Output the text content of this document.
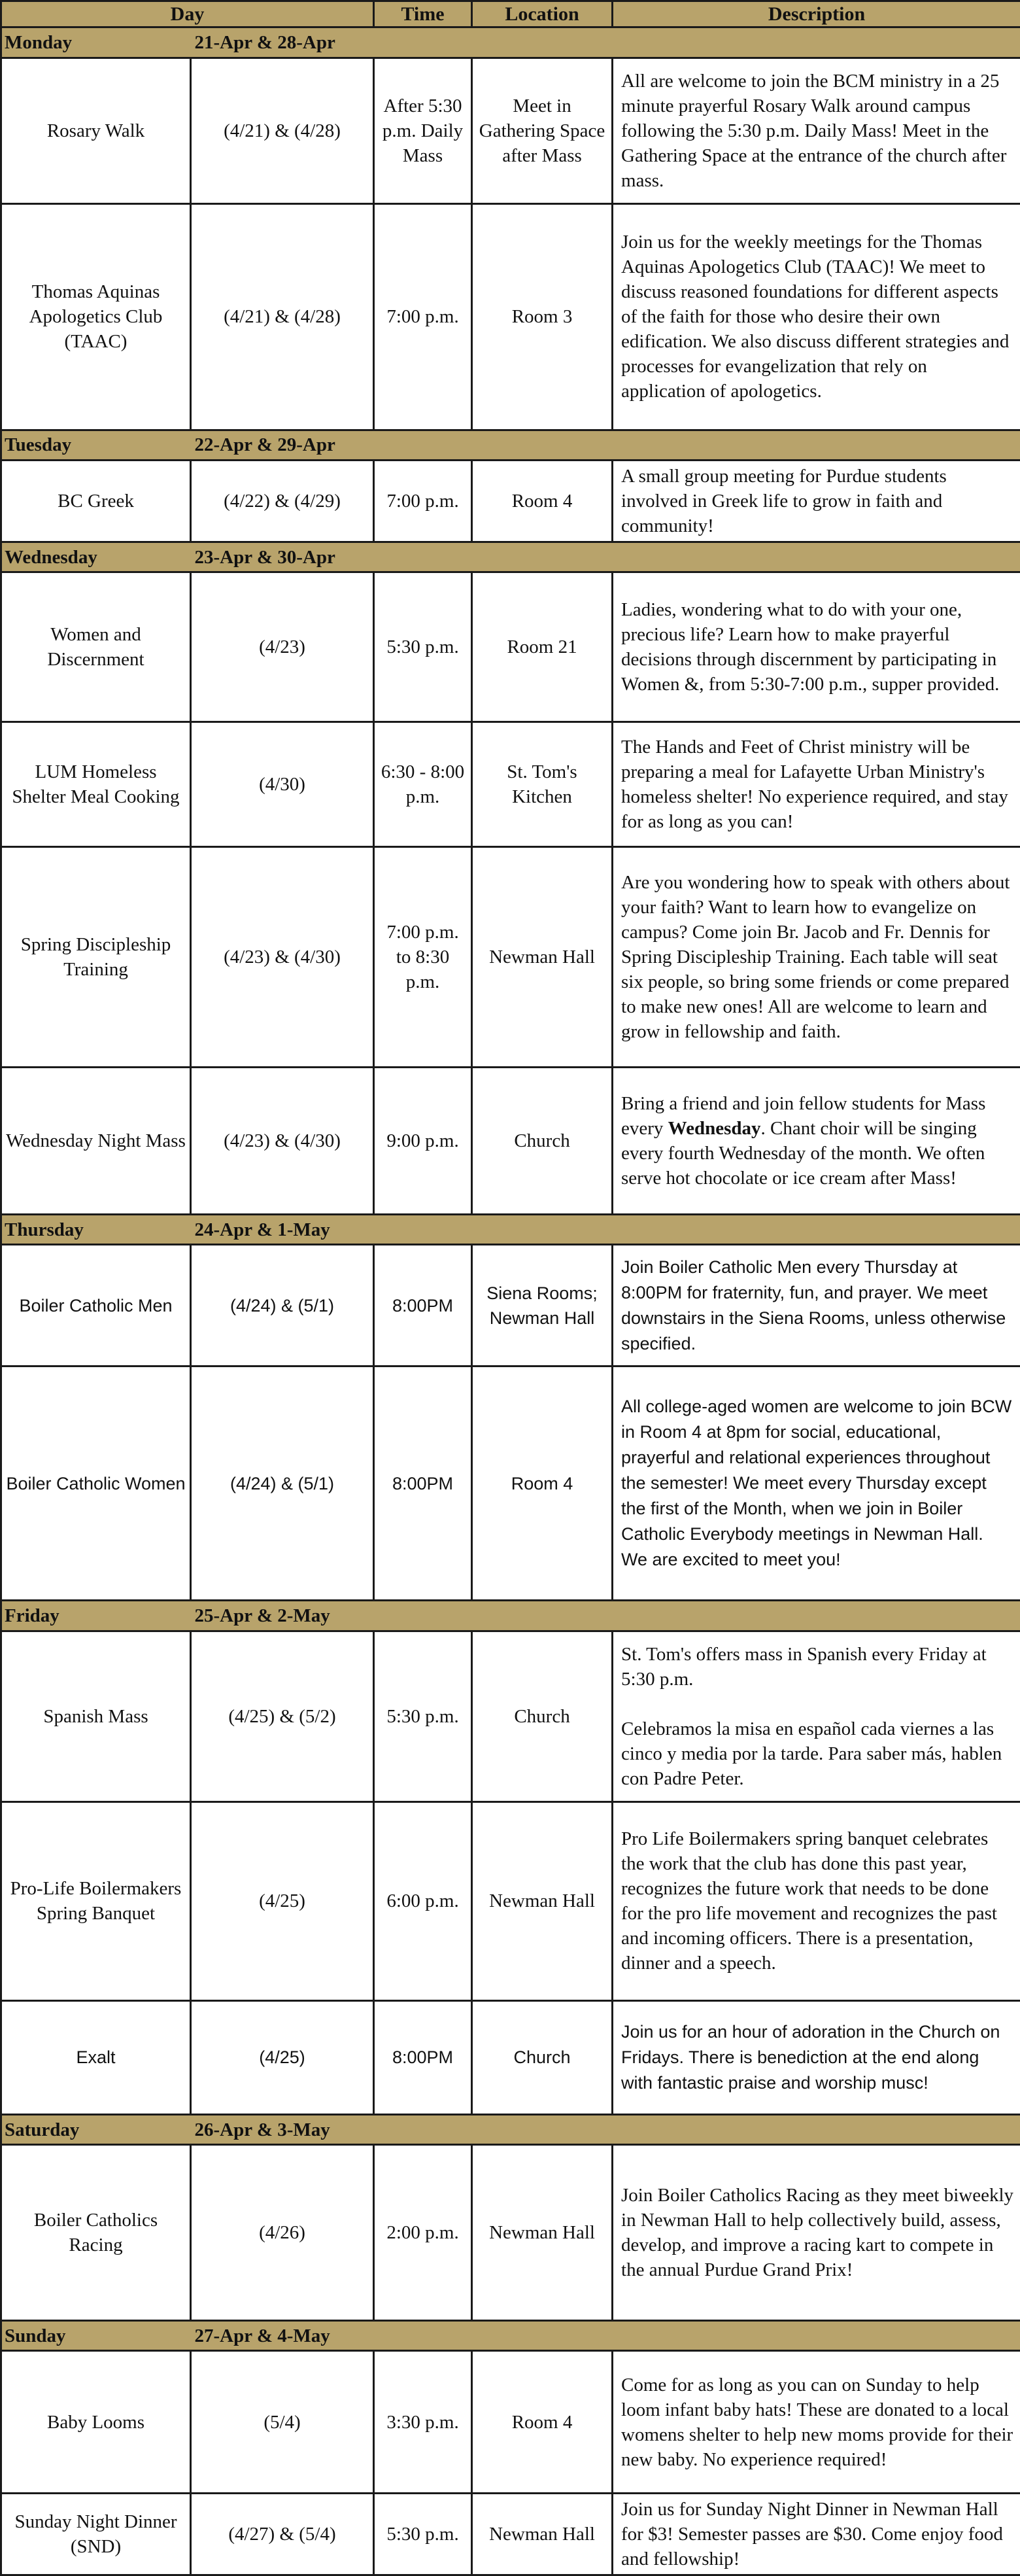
Day		Time	Location	Description
Monday	21-Apr & 28-Apr			
Rosary Walk	(4/21) & (4/28)	After 5:30 p.m. Daily Mass	Meet in Gathering Space after Mass	All are welcome to join the BCM ministry in a 25 minute prayerful Rosary Walk around campus following the 5:30 p.m. Daily Mass! Meet in the Gathering Space at the entrance of the church after mass.
Thomas Aquinas Apologetics Club (TAAC)	(4/21) & (4/28)	7:00 p.m.	Room 3	Join us for the weekly meetings for the Thomas Aquinas Apologetics Club (TAAC)! We meet to discuss reasoned foundations for different aspects of the faith for those who desire their own edification. We also discuss different strategies and processes for evangelization that rely on application of apologetics.
Tuesday	22-Apr & 29-Apr			
BC Greek	(4/22) & (4/29)	7:00 p.m.	Room 4	A small group meeting for Purdue students involved in Greek life to grow in faith and community!
Wednesday	23-Apr & 30-Apr			
Women and Discernment	(4/23)	5:30 p.m.	Room 21	Ladies, wondering what to do with your one, precious life? Learn how to make prayerful decisions through discernment by participating in Women &, from 5:30-7:00 p.m., supper provided.
LUM Homeless Shelter Meal Cooking	(4/30)	6:30 - 8:00 p.m.	St. Tom's Kitchen	The Hands and Feet of Christ ministry will be preparing a meal for Lafayette Urban Ministry's homeless shelter! No experience required, and stay for as long as you can!
Spring Discipleship Training	(4/23) & (4/30)	7:00 p.m. to 8:30 p.m.	Newman Hall	Are you wondering how to speak with others about your faith? Want to learn how to evangelize on campus? Come join Br. Jacob and Fr. Dennis for Spring Discipleship Training. Each table will seat six people, so bring some friends or come prepared to make new ones! All are welcome to learn and grow in fellowship and faith.
Wednesday Night Mass	(4/23) & (4/30)	9:00 p.m.	Church	Bring a friend and join fellow students for Mass every Wednesday. Chant choir will be singing every fourth Wednesday of the month. We often serve hot chocolate or ice cream after Mass!
Thursday	24-Apr & 1-May			
Boiler Catholic Men	(4/24) & (5/1)	8:00PM	Siena Rooms; Newman Hall	Join Boiler Catholic Men every Thursday at 8:00PM for fraternity, fun, and prayer. We meet downstairs in the Siena Rooms, unless otherwise specified.
Boiler Catholic Women	(4/24) & (5/1)	8:00PM	Room 4	All college-aged women are welcome to join BCW in Room 4 at 8pm for social, educational, prayerful and relational experiences throughout the semester! We meet every Thursday except the first of the Month, when we join in Boiler Catholic Everybody meetings in Newman Hall. We are excited to meet you!
Friday	25-Apr & 2-May			
Spanish Mass	(4/25) & (5/2)	5:30 p.m.	Church	St. Tom's offers mass in Spanish every Friday at 5:30 p.m.
Celebramos la misa en español cada viernes a las cinco y media por la tarde. Para saber más, hablen con Padre Peter.

Pro-Life Boilermakers Spring Banquet	(4/25)	6:00 p.m.	Newman Hall	Pro Life Boilermakers spring banquet celebrates the work that the club has done this past year, recognizes the future work that needs to be done for the pro life movement and recognizes the past and incoming officers. There is a presentation, dinner and a speech.
Exalt	(4/25)	8:00PM	Church	Join us for an hour of adoration in the Church on Fridays. There is benediction at the end along with fantastic praise and worship musc!
Saturday	26-Apr & 3-May			
Boiler Catholics Racing	(4/26)	2:00 p.m.	Newman Hall	Join Boiler Catholics Racing as they meet biweekly in Newman Hall to help collectively build, assess, develop, and improve a racing kart to compete in the annual Purdue Grand Prix!
Sunday	27-Apr & 4-May			
Baby Looms	(5/4)	3:30 p.m.	Room 4	Come for as long as you can on Sunday to help loom infant baby hats! These are donated to a local womens shelter to help new moms provide for their new baby. No experience required!
Sunday Night Dinner (SND)	(4/27) & (5/4)	5:30 p.m.	Newman Hall	Join us for Sunday Night Dinner in Newman Hall for $3! Semester passes are $30. Come enjoy food and fellowship!
